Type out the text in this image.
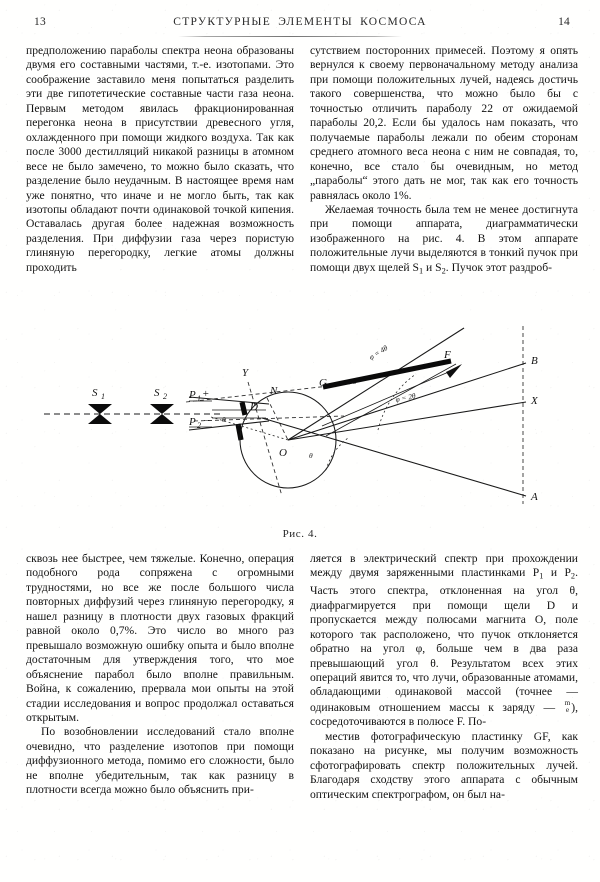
13	СТРУКТУРНЫЕ ЭЛЕМЕНТЫ КОСМОСА	14

предположению параболы спектра неона образованы двумя его составными частями, т.-е. изотопами. Это соображение заставило меня попытаться разделить эти две гипотетические составные части газа неона. Первым методом явилась фракционированная перегонка неона в присутствии древесного угля, охлажденного при помощи жидкого воздуха. Так как после 3000 дестилляций никакой разницы в атомном весе не было замечено, то можно было сказать, что разделение было неудачным. В настоящее время нам уже понятно, что иначе и не могло быть, так как изотопы обладают почти одинаковой точкой кипения. Оставалась другая более надежная возможность разделения. При диффузии газа через пористую глиняную перегородку, легкие атомы должны проходить

сутствием посторонних примесей. Поэтому я опять вернулся к своему первоначальному методу анализа при помощи положительных лучей, надеясь достичь такого совершенства, что можно было бы с точностью отличить параболу 22 от ожидаемой параболы 20,2. Если бы удалось нам показать, что получаемые параболы лежали по обеим сторонам среднего атомного веса неона с ним не совпадая, то, конечно, все стало бы очевидным, но метод „параболы“ этого дать не мог, так как его точность равнялась около 1%.

Желаемая точность была тем не менее достигнута при помощи аппарата, диаграмматически изображенного на рис. 4. В этом аппарате положительные лучи выделяются в тонкий пучок при помощи двух щелей $S_1$ и $S_2$. Пучок этот раздроб-

θ
θ
S 1	S 2 P 1 +
P 2 −
D
Y
N
O
G
F	B
X
A
φ = 4θ
φ = 2θ
Рис. 4.

сквозь нее быстрее, чем тяжелые. Конечно, операция подобного рода сопряжена с огромными трудностями, но все же после большого числа повторных диффузий через глиняную перегородку, я нашел разницу в плотности двух газовых фракций равной около 0,7%. Это число во много раз превышало возможную ошибку опыта и было вполне достаточным для утверждения того, что мое объяснение парабол было вполне правильным. Война, к сожалению, прервала мои опыты на этой стадии исследования и вопрос продолжал оставаться открытым.

По возобновлении исследований стало вполне очевидно, что разделение изотопов при помощи диффузионного метода, помимо его сложности, было не вполне убедительным, так как разницу в плотности всегда можно было объяснить при-

ляется в электрический спектр при прохождении между двумя заряженными пластинками $P_1$ и $P_2$. Часть этого спектра, отклоненная на угол θ, диафрагмируется при помощи щели D и пропускается между полюсами магнита O, поле которого так расположено, что пучок отклоняется обратно на угол φ, больше чем в два раза превышающий угол θ. Результатом всех этих операций явится то, что лучи, образованные атомами, обладающими одинаковой массой (точнее — одинаковым отношением массы к заряду — m
e ), сосредоточиваются в полюсе F. По-

местив фотографическую пластинку GF, как показано на рисунке, мы получим возможность сфотографировать спектр положительных лучей. Благодаря сходству этого аппарата с обычным оптическим спектрографом, он был на-
